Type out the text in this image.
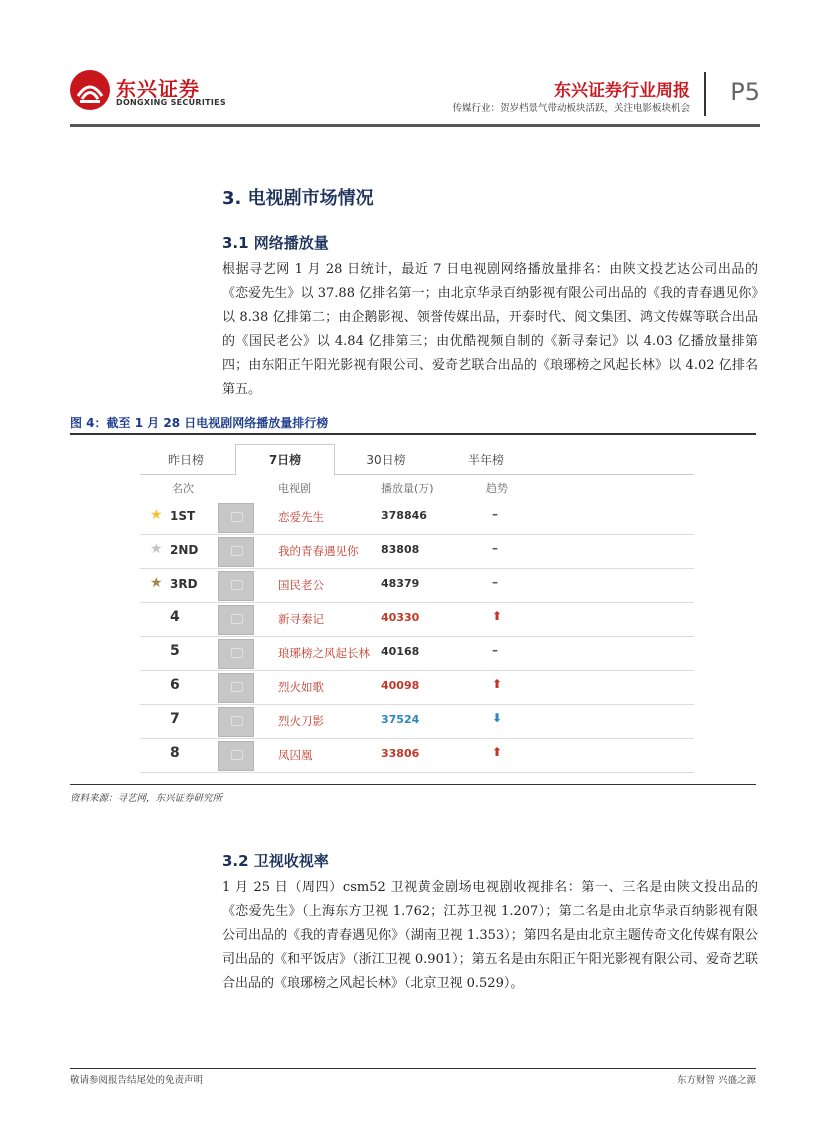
东兴证券
DONGXING SECURITIES
东兴证券行业周报
传媒行业：贺岁档景气带动板块活跃，关注电影板块机会
P5
3. 电视剧市场情况
3.1 网络播放量
根据寻艺网 1 月 28 日统计，最近 7 日电视剧网络播放量排名：由陕文投艺达公司出品的《恋爱先生》以 37.88 亿排名第一；由北京华录百纳影视有限公司出品的《我的青春遇见你》以 8.38 亿排第二；由企鹅影视、领誉传媒出品，开泰时代、阅文集团、鸿文传媒等联合出品的《国民老公》以 4.84 亿排第三；由优酷视频自制的《新寻秦记》以 4.03 亿播放量排第四；由东阳正午阳光影视有限公司、爱奇艺联合出品的《琅琊榜之风起长林》以 4.02 亿排名第五。
图 4：截至 1 月 28 日电视剧网络播放量排行榜
昨日榜	7日榜	30日榜	半年榜
名次	电视剧	播放量(万)	趋势
★ 1ST	恋爱先生	378846	–
★ 2ND	我的青春遇见你 83808	–
★ 3RD	国民老公	48379	–
4	新寻秦记	40330	⬆
5	琅琊榜之风起长林 40168	–
6	烈火如歌	40098	⬆
7	烈火刀影	37524	⬇
8	凤囚凰	33806	⬆
资料来源：寻艺网，东兴证券研究所
3.2 卫视收视率
1 月 25 日（周四）csm52 卫视黄金剧场电视剧收视排名：第一、三名是由陕文投出品的《恋爱先生》（上海东方卫视 1.762；江苏卫视 1.207）；第二名是由北京华录百纳影视有限公司出品的《我的青春遇见你》（湖南卫视 1.353）；第四名是由北京主题传奇文化传媒有限公司出品的《和平饭店》（浙江卫视 0.901）；第五名是由东阳正午阳光影视有限公司、爱奇艺联合出品的《琅琊榜之风起长林》（北京卫视 0.529）。
敬请参阅报告结尾处的免责声明	东方财智 兴盛之源
